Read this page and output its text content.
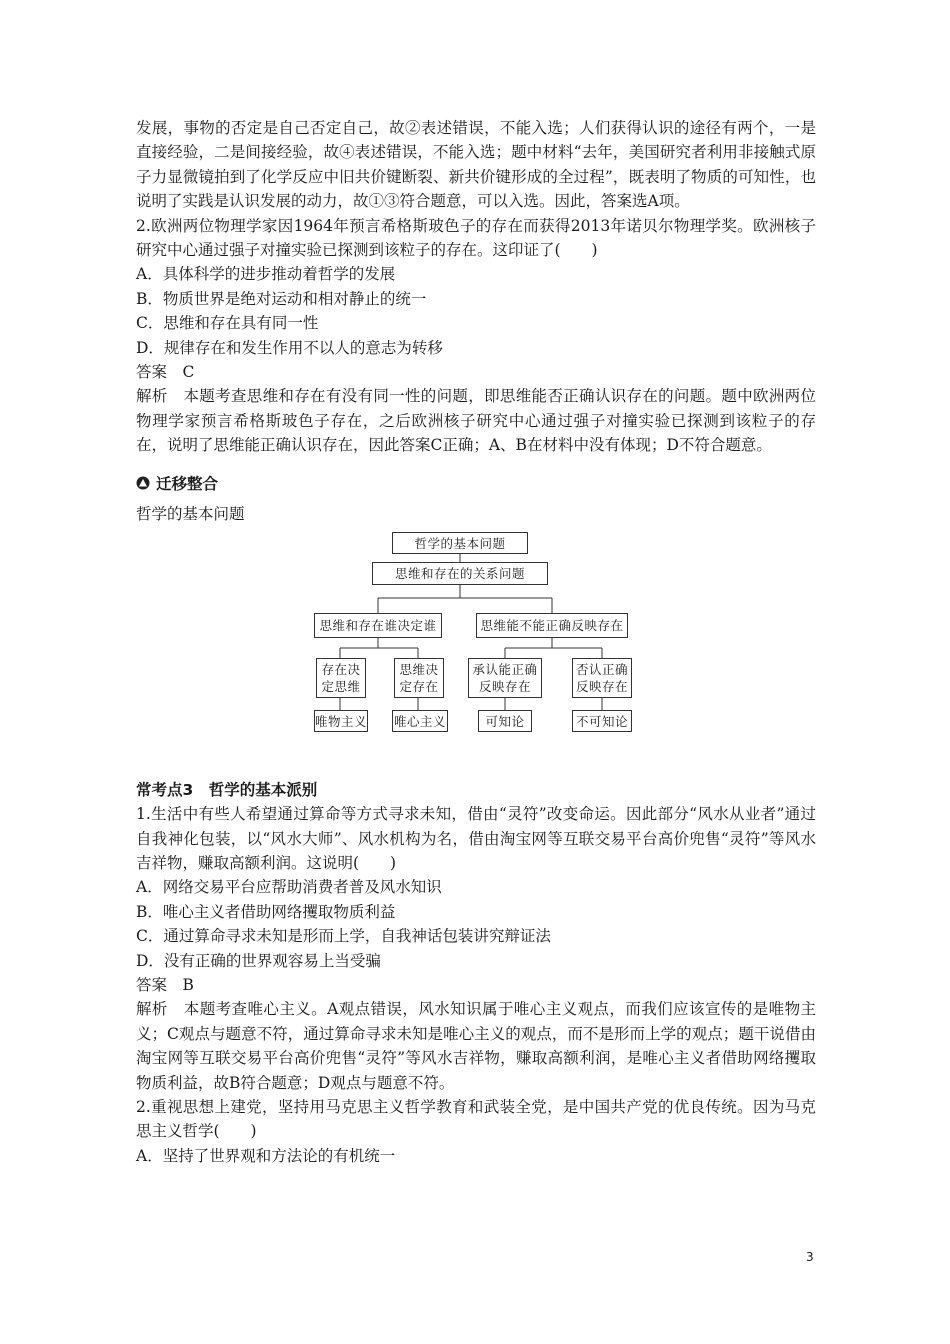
发展，事物的否定是自己否定自己，故②表述错误，不能入选；人们获得认识的途径有两个，一是直接经验，二是间接经验，故④表述错误，不能入选；题中材料“去年，美国研究者利用非接触式原子力显微镜拍到了化学反应中旧共价键断裂、新共价键形成的全过程”，既表明了物质的可知性，也说明了实践是认识发展的动力，故①③符合题意，可以入选。因此，答案选A项。

2.欧洲两位物理学家因1964年预言希格斯玻色子的存在而获得2013年诺贝尔物理学奖。欧洲核子研究中心通过强子对撞实验已探测到该粒子的存在。这印证了(　　)

A．具体科学的进步推动着哲学的发展

B．物质世界是绝对运动和相对静止的统一

C．思维和存在具有同一性

D．规律存在和发生作用不以人的意志为转移

答案　C

解析　本题考查思维和存在有没有同一性的问题，即思维能否正确认识存在的问题。题中欧洲两位物理学家预言希格斯玻色子存在，之后欧洲核子研究中心通过强子对撞实验已探测到该粒子的存在，说明了思维能正确认识存在，因此答案C正确；A、B在材料中没有体现；D不符合题意。

迁移整合

哲学的基本问题

哲学的基本问题
思维和存在的关系问题
思维和存在谁决定谁	思维能不能正确反映存在
存在决
定思维
思维决
定存在
承认能正确
反映存在
否认正确
反映存在
唯物主义 唯心主义	可知论	不可知论
常考点3　哲学的基本派别

1.生活中有些人希望通过算命等方式寻求未知，借由“灵符”改变命运。因此部分“风水从业者”通过自我神化包装，以“风水大师”、风水机构为名，借由淘宝网等互联交易平台高价兜售“灵符”等风水吉祥物，赚取高额利润。这说明(　　)

A．网络交易平台应帮助消费者普及风水知识

B．唯心主义者借助网络攫取物质利益

C．通过算命寻求未知是形而上学，自我神话包装讲究辩证法

D．没有正确的世界观容易上当受骗

答案　B

解析　本题考查唯心主义。A观点错误，风水知识属于唯心主义观点，而我们应该宣传的是唯物主义；C观点与题意不符，通过算命寻求未知是唯心主义的观点，而不是形而上学的观点；题干说借由淘宝网等互联交易平台高价兜售“灵符”等风水吉祥物，赚取高额利润，是唯心主义者借助网络攫取物质利益，故B符合题意；D观点与题意不符。

2.重视思想上建党，坚持用马克思主义哲学教育和武装全党，是中国共产党的优良传统。因为马克思主义哲学(　　)

A．坚持了世界观和方法论的有机统一

3
